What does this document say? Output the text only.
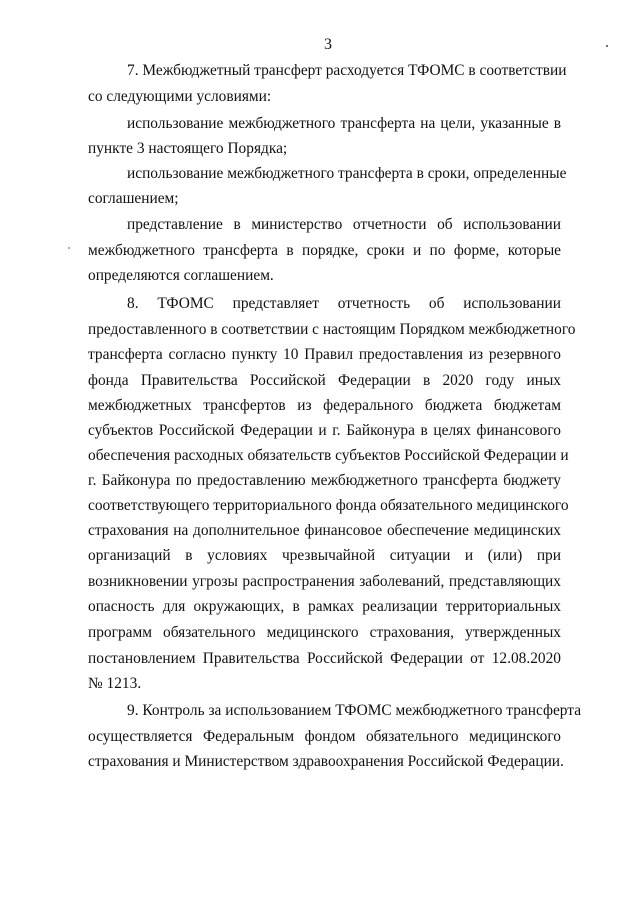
3
7. Межбюджетный трансферт расходуется ТФОМС в соответствии
со следующими условиями:
использование межбюджетного трансферта на цели, указанные в
пункте 3 настоящего Порядка;
использование межбюджетного трансферта в сроки, определенные
соглашением;
представление в министерство отчетности об использовании
межбюджетного трансферта в порядке, сроки и по форме, которые
определяются соглашением.
8. ТФОМС представляет отчетность об использовании
предоставленного в соответствии с настоящим Порядком межбюджетного
трансферта согласно пункту 10 Правил предоставления из резервного
фонда Правительства Российской Федерации в 2020 году иных
межбюджетных трансфертов из федерального бюджета бюджетам
субъектов Российской Федерации и г. Байконура в целях финансового
обеспечения расходных обязательств субъектов Российской Федерации и
г. Байконура по предоставлению межбюджетного трансферта бюджету
соответствующего территориального фонда обязательного медицинского
страхования на дополнительное финансовое обеспечение медицинских
организаций в условиях чрезвычайной ситуации и (или) при
возникновении угрозы распространения заболеваний, представляющих
опасность для окружающих, в рамках реализации территориальных
программ обязательного медицинского страхования, утвержденных
постановлением Правительства Российской Федерации от 12.08.2020
№ 1213.
9. Контроль за использованием ТФОМС межбюджетного трансферта
осуществляется Федеральным фондом обязательного медицинского
страхования и Министерством здравоохранения Российской Федерации.
